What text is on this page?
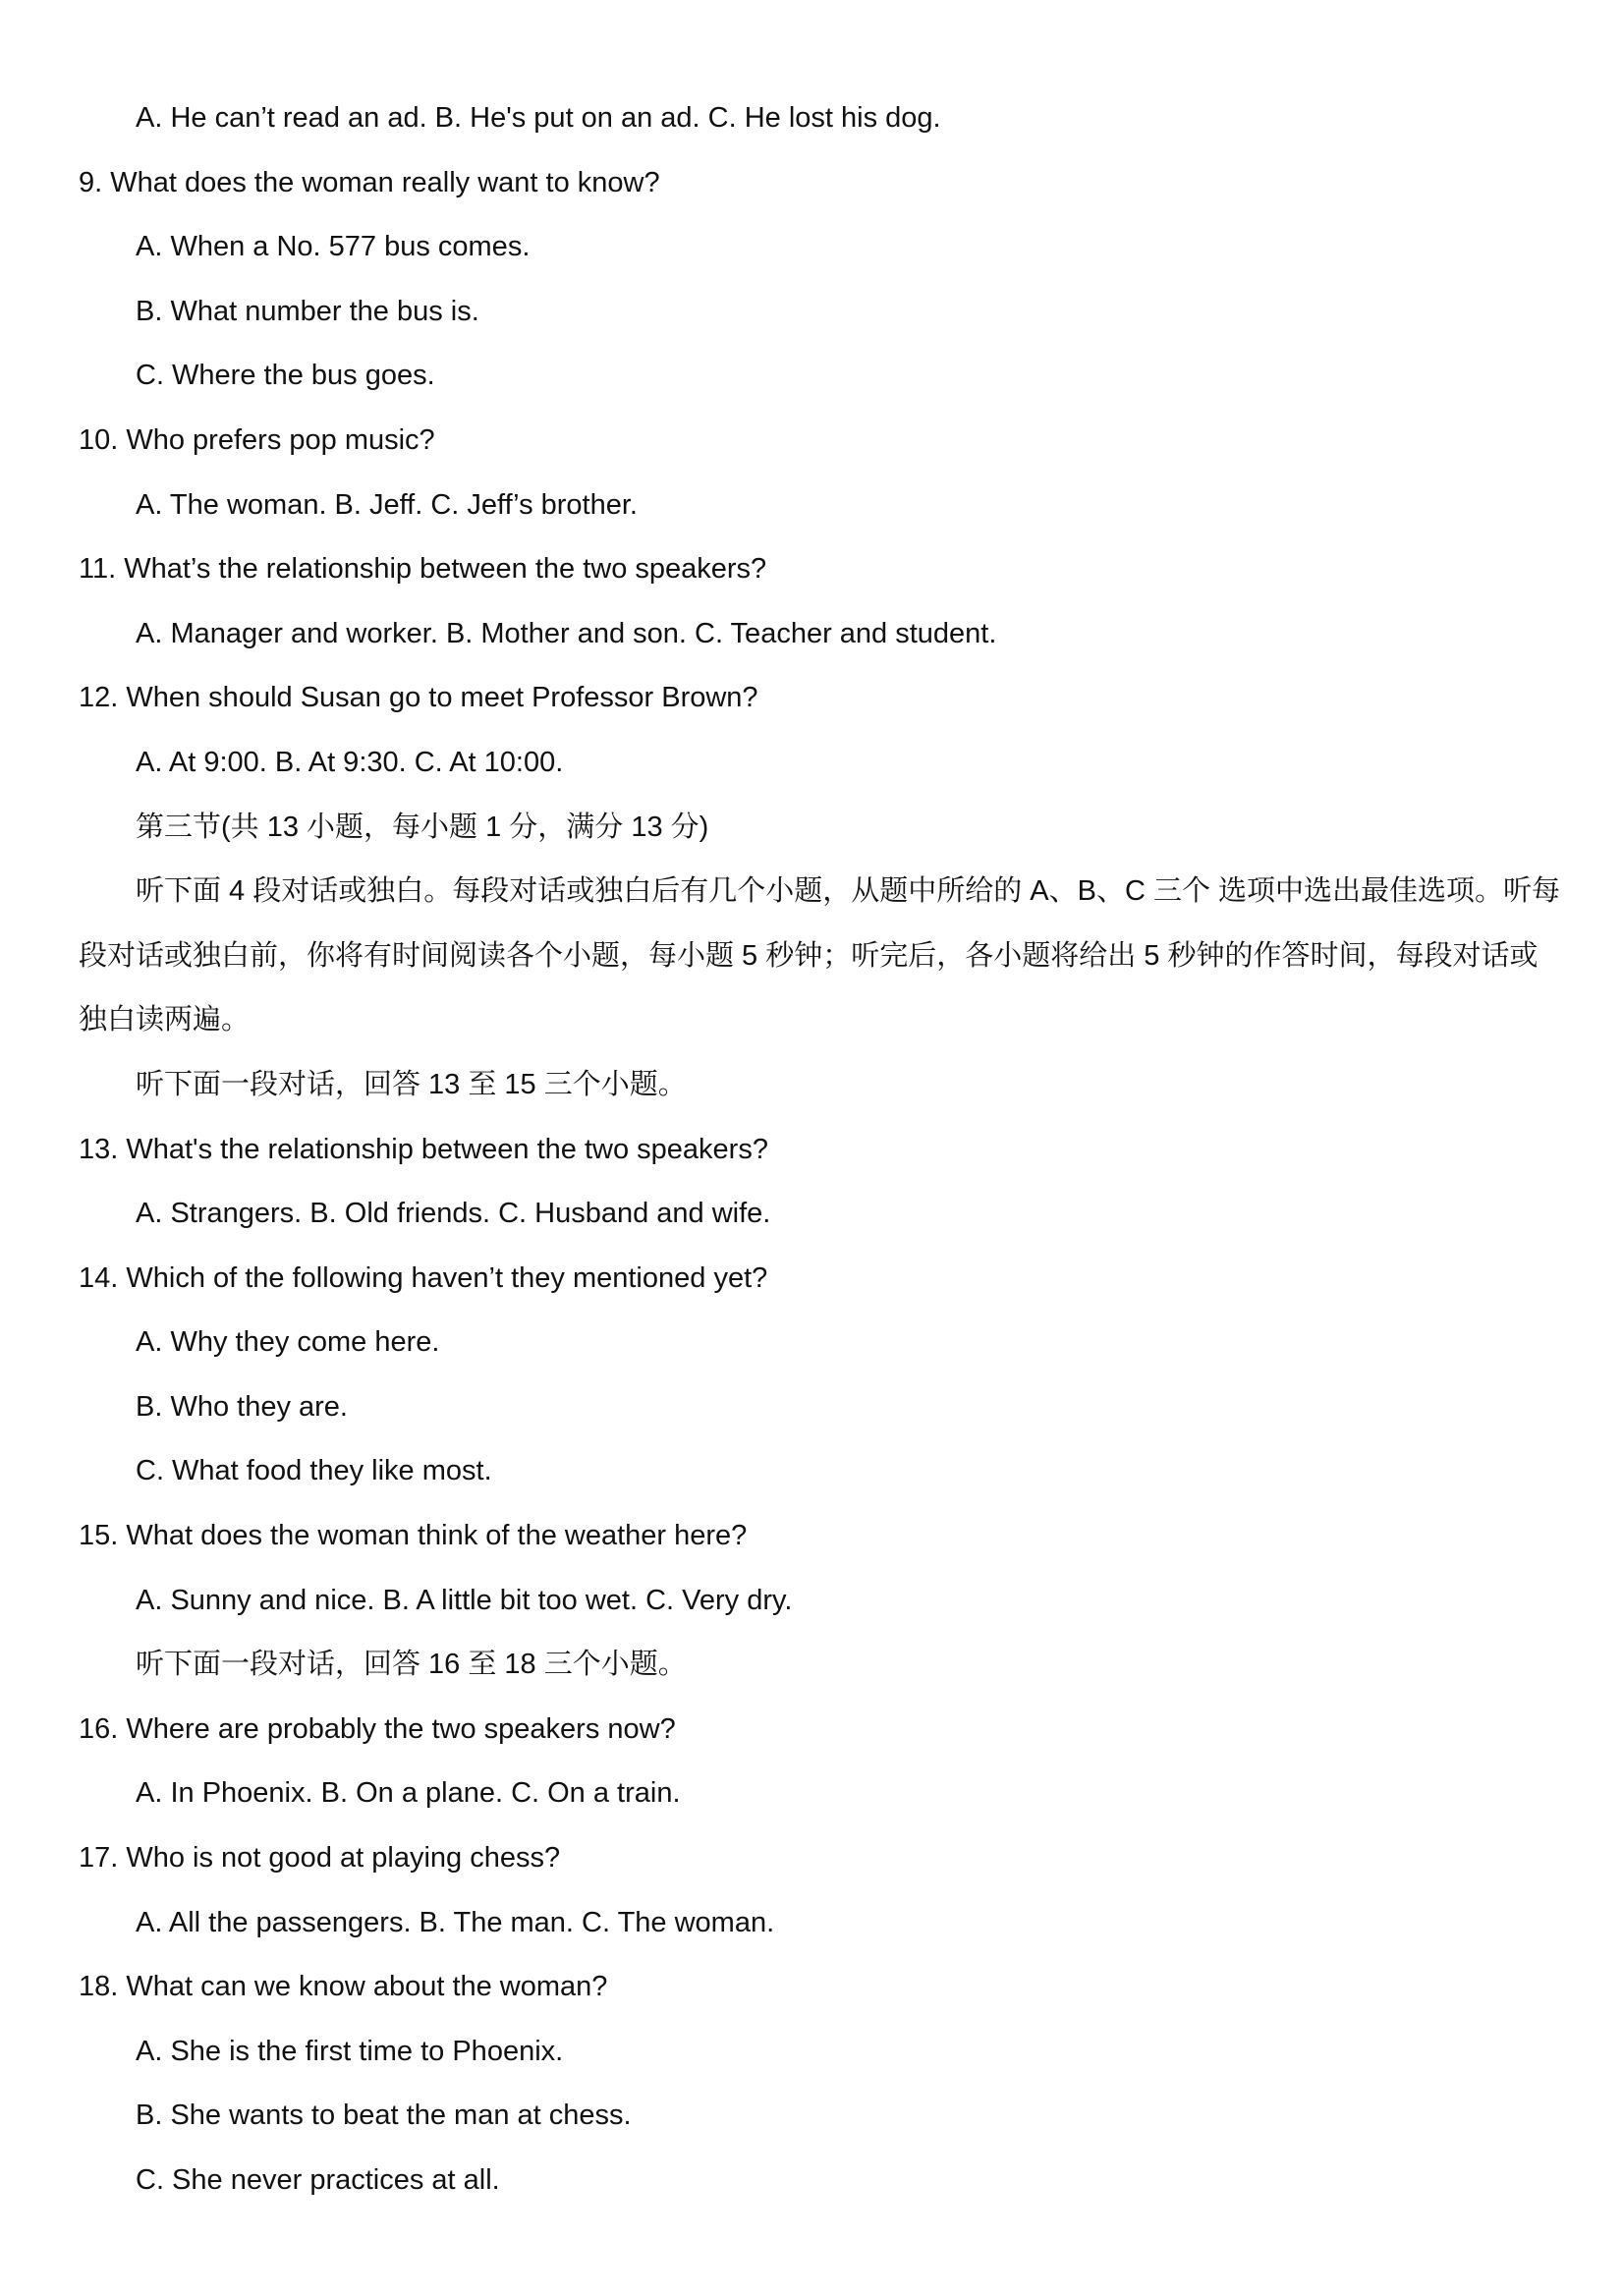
A. He can’t read an ad. B. He's put on an ad. C. He lost his dog.

9. What does the woman really want to know?

A. When a No. 577 bus comes.

B. What number the bus is.

C. Where the bus goes.

10. Who prefers pop music?

A. The woman. B. Jeff. C. Jeff’s brother.

11. What’s the relationship between the two speakers?

A. Manager and worker. B. Mother and son. C. Teacher and student.

12. When should Susan go to meet Professor Brown?

A. At 9:00. B. At 9:30. C. At 10:00.

第三节(共 13 小题，每小题 1 分，满分 13 分)

听下面 4 段对话或独白。每段对话或独白后有几个小题，从题中所给的 A、B、C 三个 选项中选出最佳选项。听每段对话或独白前，你将有时间阅读各个小题，每小题 5 秒钟；听完后，各小题将给出 5 秒钟的作答时间，每段对话或独白读两遍。

听下面一段对话，回答 13 至 15 三个小题。

13. What's the relationship between the two speakers?

A. Strangers. B. Old friends. C. Husband and wife.

14. Which of the following haven’t they mentioned yet?

A. Why they come here.

B. Who they are.

C. What food they like most.

15. What does the woman think of the weather here?

A. Sunny and nice. B. A little bit too wet. C. Very dry.

听下面一段对话，回答 16 至 18 三个小题。

16. Where are probably the two speakers now?

A. In Phoenix. B. On a plane. C. On a train.

17. Who is not good at playing chess?

A. All the passengers. B. The man. C. The woman.

18. What can we know about the woman?

A. She is the first time to Phoenix.

B. She wants to beat the man at chess.

C. She never practices at all.
